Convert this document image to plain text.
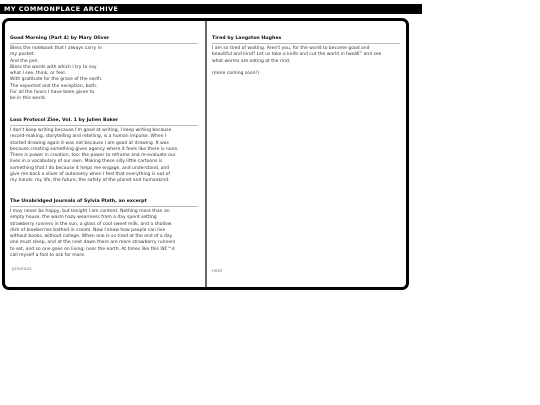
MY COMMONPLACE ARCHIVE
Good Morning (Part 4) by Mary Oliver
Bless the notebook that I always carry in
my pocket.
And the pen.
Bless the words with which I try to say
what I see, think, or feel.
With gratitude for the grace of the earth.
The expected and the exception, both.
For all the hours I have been given to
be in this world.
Loss Protocol Zine, Vol. 1 by Julien Baker
I don't keep writing because I'm good at writing, I keep writing because
record-making, storytelling and retelling, is a human impulse. When I
started drawing again it was not because I am good at drawing. It was
because creating something gives agency where it feels like there is none.
There is power in creation, too: the power to reframe and re-evaluate our
lives in a vocabulary of our own. Making these silly little cartoons is
something that I do because it helps me engage, and understand, and
give me back a sliver of autonomy when I feel that everything is out of
my hands: my life, the future, the safety of the planet and humankind.
The Unabridged Journals of Sylvia Plath, an excerpt
I may never be happy, but tonight I am content. Nothing more than an
empty house, the warm hazy weariness from a day spent setting
strawberry runners in the sun, a glass of cool sweet milk, and a shallow
dish of blueberries bathed in cream. Now I know how people can live
without books, without college. When one is so tired at the end of a day
one must sleep, and at the next dawn there are more strawberry runners
to set, and so one goes on living, near the earth. At times like this Iâ€™d
call myself a fool to ask for more.
previous
Tired by Langston Hughes
I am so tired of waiting. Aren't you, for the world to become good and
beautiful and kind? Let us take a knife and cut the world in twoâ€” and see
what worms are eating at the rind.
(more coming soon!)
next
